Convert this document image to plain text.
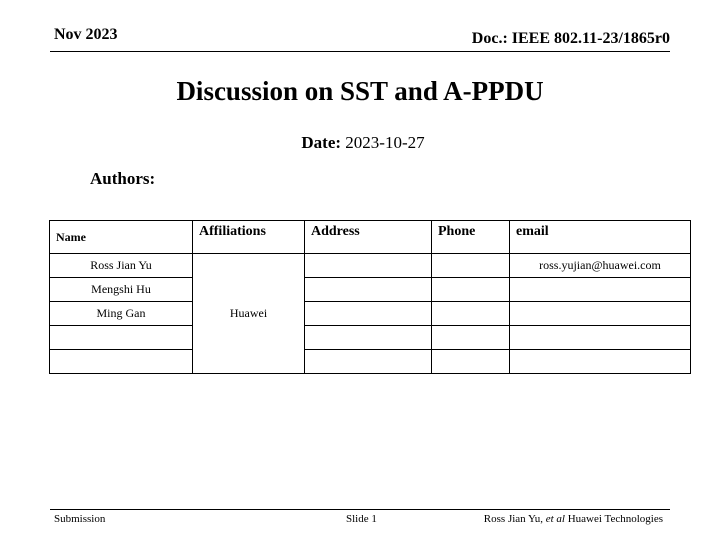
Nov 2023	Doc.: IEEE 802.11-23/1865r0
Discussion on SST and A-PPDU
Date: 2023-10-27
Authors:
Name	Affiliations	Address	Phone	email
Ross Jian Yu	Huawei			ross.yujian@huawei.com
Mengshi Hu				
Ming Gan				

Submission	Slide 1	Ross Jian Yu, et al Huawei Technologies
